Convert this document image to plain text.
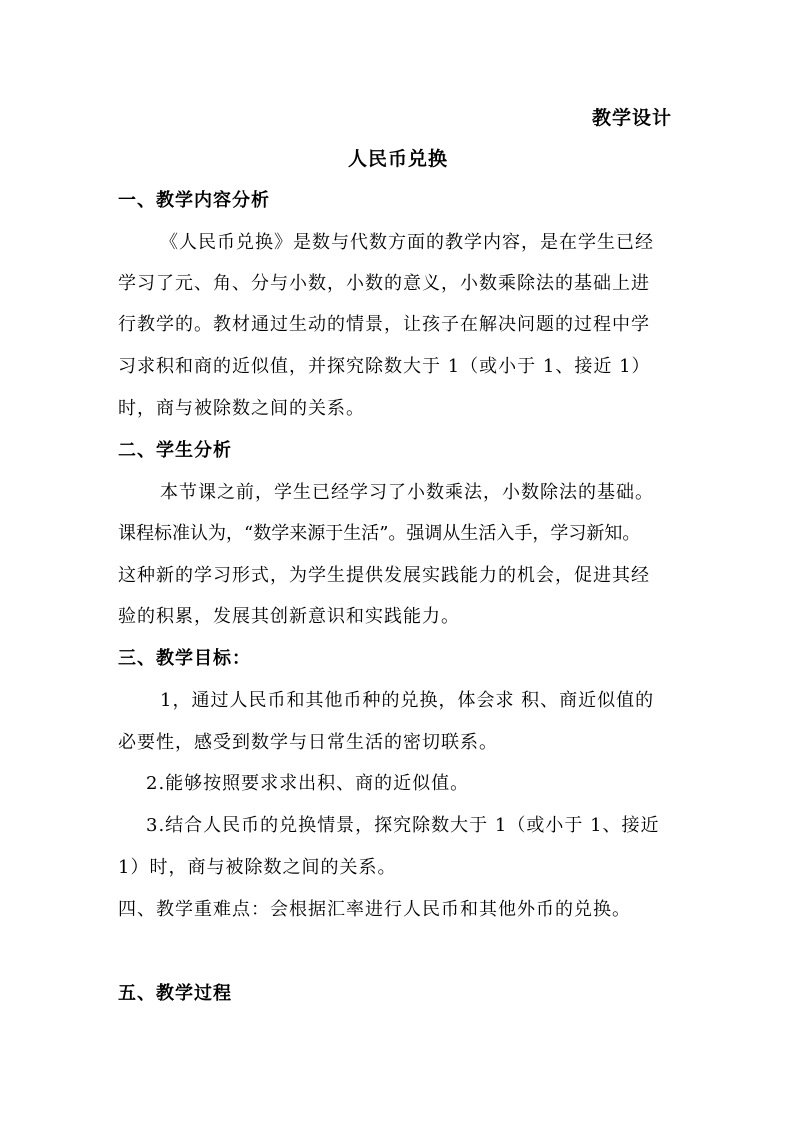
教学设计
人民币兑换
一、教学内容分析
《人民币兑换》是数与代数方面的教学内容，是在学生已经
学习了元、角、分与小数，小数的意义，小数乘除法的基础上进
行教学的。教材通过生动的情景，让孩子在解决问题的过程中学
习求积和商的近似值，并探究除数大于 1（或小于 1、接近 1）
时，商与被除数之间的关系。
二、学生分析
本节课之前，学生已经学习了小数乘法，小数除法的基础。
课程标准认为，“数学来源于生活”。强调从生活入手，学习新知。
这种新的学习形式，为学生提供发展实践能力的机会，促进其经
验的积累，发展其创新意识和实践能力。
三、教学目标：
1，通过人民币和其他币种的兑换，体会求 积、商近似值的
必要性，感受到数学与日常生活的密切联系。
2.能够按照要求求出积、商的近似值。
3.结合人民币的兑换情景，探究除数大于 1（或小于 1、接近
1）时，商与被除数之间的关系。
四、教学重难点：会根据汇率进行人民币和其他外币的兑换。
五、教学过程
